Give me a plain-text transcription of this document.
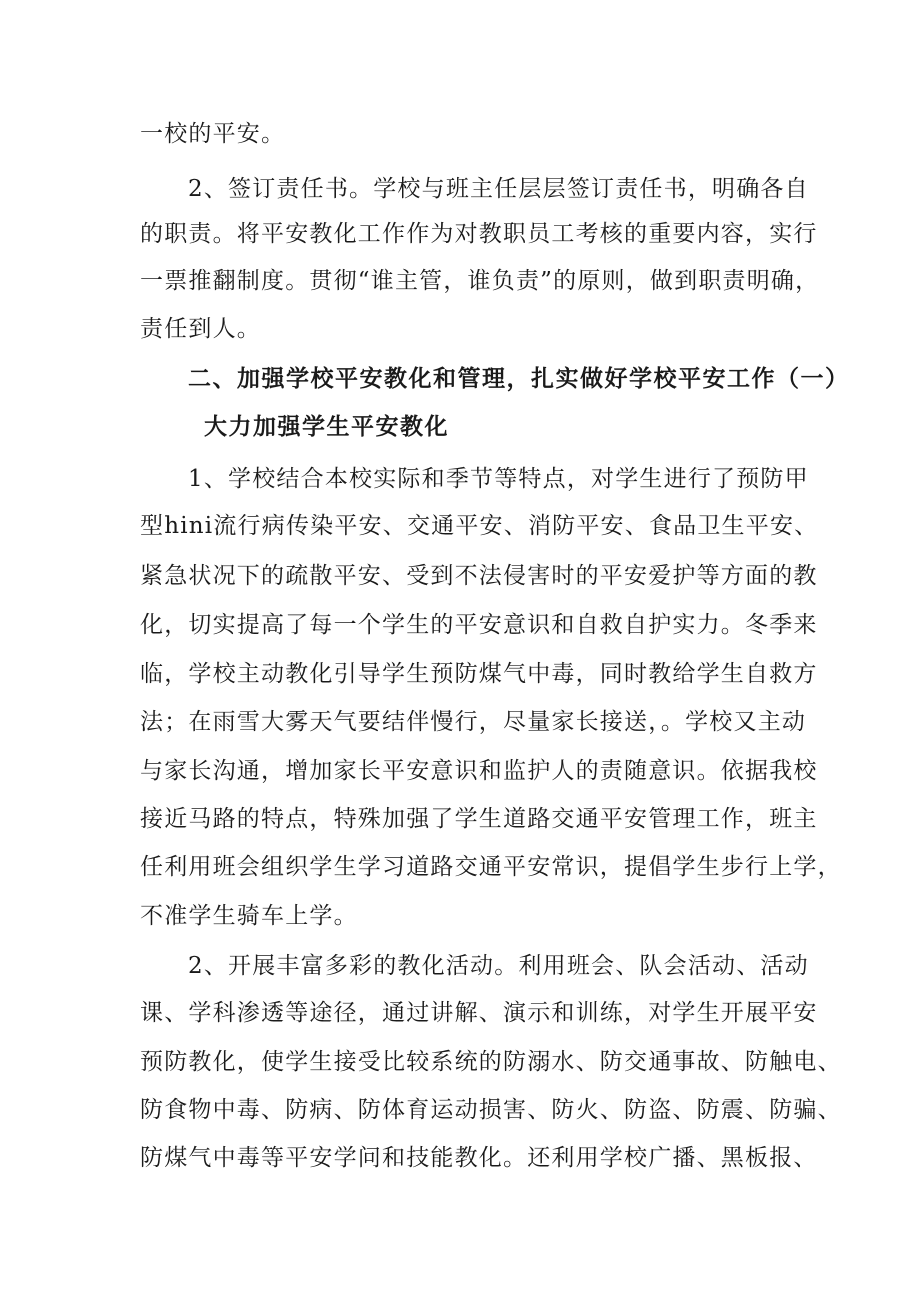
一校的平安。
2、签订责任书。学校与班主任层层签订责任书，明确各自
的职责。将平安教化工作作为对教职员工考核的重要内容，实行
一票推翻制度。贯彻“谁主管，谁负责”的原则，做到职责明确，
责任到人。
二、加强学校平安教化和管理，扎实做好学校平安工作（一）
大力加强学生平安教化
1、学校结合本校实际和季节等特点，对学生进行了预防甲
型hini流行病传染平安、交通平安、消防平安、食品卫生平安、
紧急状况下的疏散平安、受到不法侵害时的平安爱护等方面的教
化，切实提高了每一个学生的平安意识和自救自护实力。冬季来
临，学校主动教化引导学生预防煤气中毒，同时教给学生自救方
法；在雨雪大雾天气要结伴慢行，尽量家长接送，。学校又主动
与家长沟通，增加家长平安意识和监护人的责随意识。依据我校
接近马路的特点，特殊加强了学生道路交通平安管理工作，班主
任利用班会组织学生学习道路交通平安常识，提倡学生步行上学，
不准学生骑车上学。
2、开展丰富多彩的教化活动。利用班会、队会活动、活动
课、学科渗透等途径，通过讲解、演示和训练，对学生开展平安
预防教化，使学生接受比较系统的防溺水、防交通事故、防触电、
防食物中毒、防病、防体育运动损害、防火、防盗、防震、防骗、
防煤气中毒等平安学问和技能教化。还利用学校广播、黑板报、
